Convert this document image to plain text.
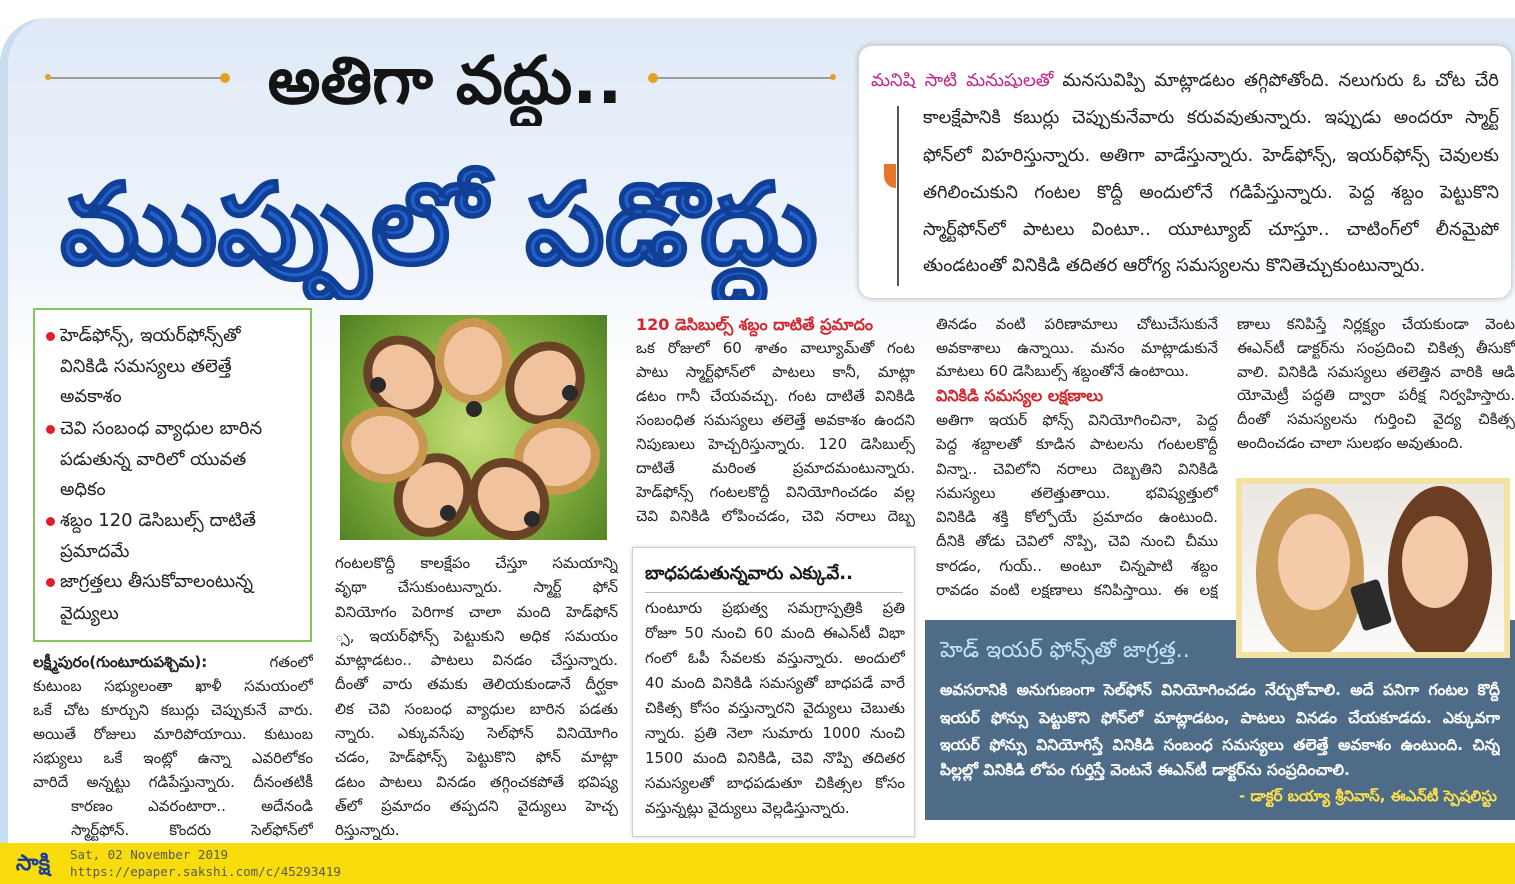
అతిగా వద్దు..
ముప్పులో పడొద్దు
మనిషి సాటి మనుషులతో మనసువిప్పి మాట్లాడటం తగ్గిపోతోంది. నలుగురు ఓ చోట చేరి
కాలక్షేపానికి కబుర్లు చెప్పుకునేవారు కరువవుతున్నారు. ఇప్పుడు అందరూ స్మార్ట్
ఫోన్‌లో విహరిస్తున్నారు. అతిగా వాడేస్తున్నారు. హెడ్‌ఫోన్స్, ఇయర్‌ఫోన్స్ చెవులకు
తగిలించుకుని గంటల కొద్దీ అందులోనే గడిపేస్తున్నారు. పెద్ద శబ్దం పెట్టుకొని
స్మార్ట్‌ఫోన్‌లో పాటలు వింటూ.. యూట్యూబ్ చూస్తూ.. చాటింగ్‌లో లీనమైపో
తుండటంతో వినికిడి తదితర ఆరోగ్య సమస్యలను కొనితెచ్చుకుంటున్నారు.
హెడ్‌ఫోన్స్, ఇయర్‌ఫోన్స్‌తో
వినికిడి సమస్యలు తలెత్తే
అవకాశం
చెవి సంబంధ వ్యాధుల బారిన
పడుతున్న వారిలో యువత
అధికం
శబ్దం 120 డెసిబుల్స్ దాటితే
ప్రమాదమే
జాగ్రత్తలు తీసుకోవాలంటున్న
వైద్యులు
లక్ష్మీపురం(గుంటూరుపశ్చిమ):	గతంలో
కుటుంబ సభ్యులంతా ఖాళీ సమయంలో
ఒకే చోట కూర్చుని కబుర్లు చెప్పుకునే వారు.
అయితే రోజులు మారిపోయాయి. కుటుంబ
సభ్యులు ఒకే ఇంట్లో ఉన్నా ఎవరిలోకం
వారిదే అన్నట్టు గడిపేస్తున్నారు. దీనంతటికీ
కారణం ఎవరంటారా.. అదేనండి
స్మార్ట్‌ఫోన్. కొందరు సెల్‌ఫోన్‌లో
గంటలకొద్దీ కాలక్షేపం చేస్తూ సమయాన్ని
వృథా చేసుకుంటున్నారు. స్మార్ట్ ఫోన్
వినియోగం పెరిగాక చాలా మంది హెడ్‌ఫోన్
్స, ఇయర్‌ఫోన్స్ పెట్టుకుని అధిక సమయం
మాట్లాడటం.. పాటలు వినడం చేస్తున్నారు.
దీంతో వారు తమకు తెలియకుండానే దీర్ఘకా
లిక చెవి సంబంధ వ్యాధుల బారిన పడతు
న్నారు. ఎక్కువసేపు సెల్‌ఫోన్ వినియోగిం
చడం, హెడ్‌ఫోన్స్ పెట్టుకొని ఫోన్ మాట్లా
డటం పాటలు వినడం తగ్గించకపోతే భవిష్య
త్‌లో ప్రమాదం తప్పదని వైద్యులు హెచ్చ
రిస్తున్నారు.
120 డెసిబుల్స్ శబ్దం దాటితే ప్రమాదం
ఒక రోజులో 60 శాతం వాల్యూమ్‌తో గంట
పాటు స్మార్ట్‌ఫోన్‌లో పాటలు కానీ, మాట్లా
డటం గానీ చేయవచ్చు. గంట దాటితే వినికిడి
సంబంధిత సమస్యలు తలెత్తే అవకాశం ఉందని
నిపుణులు హెచ్చరిస్తున్నారు. 120 డెసిబుల్స్
దాటితే మరింత ప్రమాదమంటున్నారు.
హెడ్‌ఫోన్స్ గంటలకొద్దీ వినియోగించడం వల్ల
చెవి వినికిడి లోపించడం, చెవి నరాలు దెబ్బ
బాధపడుతున్నవారు ఎక్కువే..
గుంటూరు ప్రభుత్వ సమగ్రాస్పత్రికి ప్రతి
రోజూ 50 నుంచి 60 మంది ఈఎన్‌టీ విభా
గంలో ఓపీ సేవలకు వస్తున్నారు. అందులో
40 మంది వినికిడి సమస్యతో బాధపడే వారే
చికిత్స కోసం వస్తున్నారని వైద్యులు చెబుతు
న్నారు. ప్రతి నెలా సుమారు 1000 నుంచి
1500 మంది వినికిడి, చెవి నొప్పి తదితర
సమస్యలతో బాధపడుతూ చికిత్సల కోసం
వస్తున్నట్లు వైద్యులు వెల్లడిస్తున్నారు.
తినడం వంటి పరిణామాలు చోటుచేసుకునే
అవకాశాలు ఉన్నాయి. మనం మాట్లాడుకునే
మాటలు 60 డెసిబుల్స్ శబ్దంతోనే ఉంటాయి.
వినికిడి సమస్యల లక్షణాలు
అతిగా ఇయర్ ఫోన్స్ వినియోగించినా, పెద్ద
పెద్ద శబ్దాలతో కూడిన పాటలను గంటలకొద్దీ
విన్నా.. చెవిలోని నరాలు దెబ్బతిని వినికిడి
సమస్యలు తలెత్తుతాయి. భవిష్యత్తులో
వినికిడి శక్తి కోల్పోయే ప్రమాదం ఉంటుంది.
దీనికి తోడు చెవిలో నొప్పి, చెవి నుంచి చీము
కారడం, గుయ్.. అంటూ చిన్నపాటి శబ్దం
రావడం వంటి లక్షణాలు కనిపిస్తాయి. ఈ లక్ష
ణాలు కనిపిస్తే నిర్లక్ష్యం చేయకుండా వెంట
ఈఎన్‌టీ డాక్టర్‌ను సంప్రదించి చికిత్స తీసుకో
వాలి. వినికిడి సమస్యలు తలెత్తిన వారికి ఆడి
యోమెట్రీ పద్ధతి ద్వారా పరీక్ష నిర్వహిస్తారు.
దీంతో సమస్యలను గుర్తించి వైద్య చికిత్స
అందించడం చాలా సులభం అవుతుంది.
హెడ్ ఇయర్ ఫోన్స్‌తో జాగ్రత్త..
అవసరానికి అనుగుణంగా సెల్‌ఫోన్ వినియోగించడం నేర్చుకోవాలి. అదే పనిగా గంటల కొద్దీ
ఇయర్ ఫోన్సు పెట్టుకొని ఫోన్‌లో మాట్లాడటం, పాటలు వినడం చేయకూడదు. ఎక్కువగా
ఇయర్ ఫోన్సు వినియోగిస్తే వినికిడి సంబంధ సమస్యలు తలెత్తే అవకాశం ఉంటుంది. చిన్న
పిల్లల్లో వినికిడి లోపం గుర్తిస్తే వెంటనే ఈఎన్‌టీ డాక్టర్‌ను సంప్రదించాలి.
- డాక్టర్ బయ్యా శ్రీనివాస్, ఈఎన్‌టీ స్పెషలిస్టు
సాక్షి	Sat, 02 November 2019
https://epaper.sakshi.com/c/45293419
